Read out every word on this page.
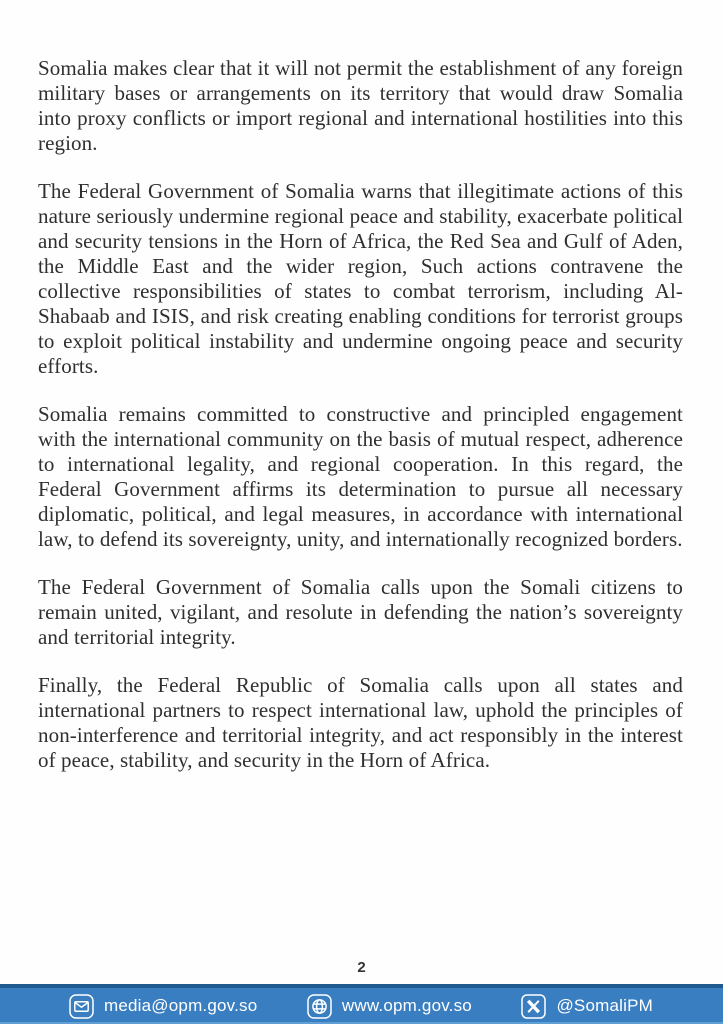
Somalia makes clear that it will not permit the establishment of any foreign military bases or arrangements on its territory that would draw Somalia into proxy conflicts or import regional and international hostilities into this region.

The Federal Government of Somalia warns that illegitimate actions of this nature seriously undermine regional peace and stability, exacerbate political and security tensions in the Horn of Africa, the Red Sea and Gulf of Aden, the Middle East and the wider region, Such actions contravene the collective responsibilities of states to combat terrorism, including Al-Shabaab and ISIS, and risk creating enabling conditions for terrorist groups to exploit political instability and undermine ongoing peace and security efforts.

Somalia remains committed to constructive and principled engagement with the international community on the basis of mutual respect, adherence to international legality, and regional cooperation. In this regard, the Federal Government affirms its determination to pursue all necessary diplomatic, political, and legal measures, in accordance with international law, to defend its sovereignty, unity, and internationally recognized borders.

The Federal Government of Somalia calls upon the Somali citizens to remain united, vigilant, and resolute in defending the nation’s sovereignty and territorial integrity.

Finally, the Federal Republic of Somalia calls upon all states and international partners to respect international law, uphold the principles of non-interference and territorial integrity, and act responsibly in the interest of peace, stability, and security in the Horn of Africa.

2
media@opm.gov.so	www.opm.gov.so	@SomaliPM
